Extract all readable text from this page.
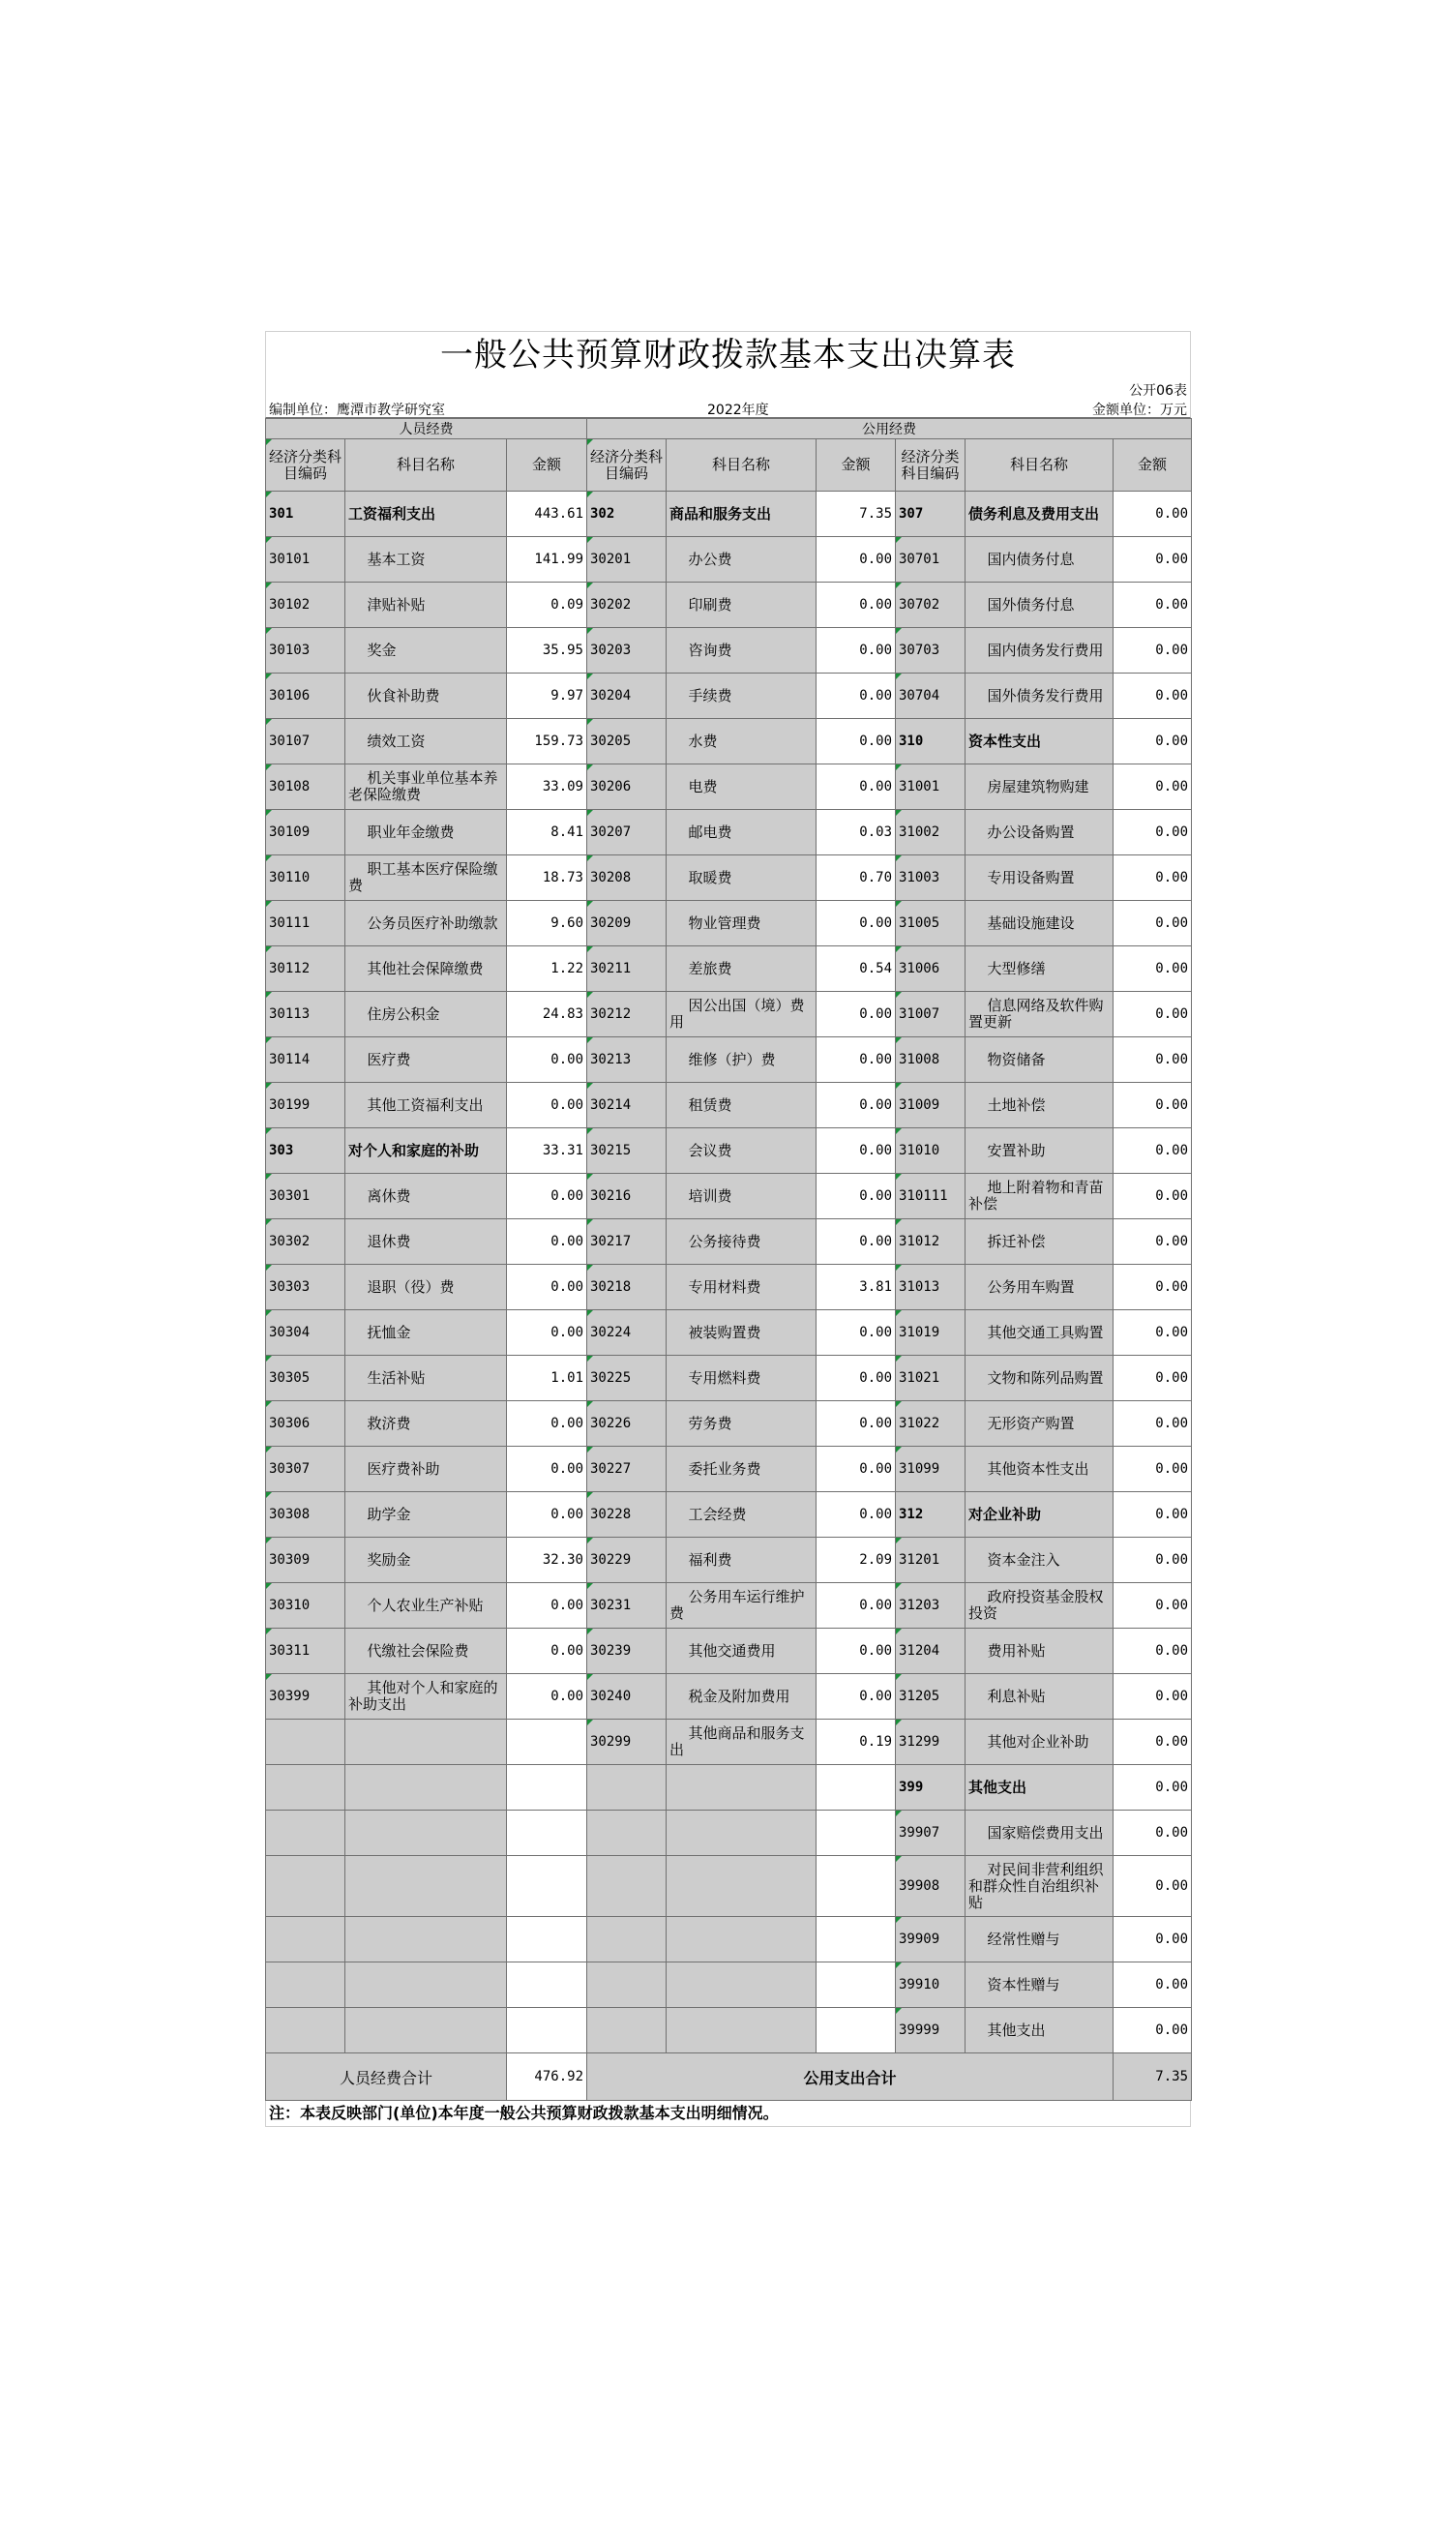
一般公共预算财政拨款基本支出决算表
公开06表
编制单位：鹰潭市教学研究室	2022年度	金额单位：万元
人员经费			公用经费					
经济分类科目编码	科目名称	金额	经济分类科目编码	科目名称	金额	经济分类科目编码	科目名称	金额
301	工资福利支出	443.61	302	商品和服务支出	7.35	307	债务利息及费用支出	0.00
30101	基本工资	141.99	30201	办公费	0.00	30701	国内债务付息	0.00
30102	津贴补贴	0.09	30202	印刷费	0.00	30702	国外债务付息	0.00
30103	奖金	35.95	30203	咨询费	0.00	30703	国内债务发行费用	0.00
30106	伙食补助费	9.97	30204	手续费	0.00	30704	国外债务发行费用	0.00
30107	绩效工资	159.73	30205	水费	0.00	310	资本性支出	0.00
30108	机关事业单位基本养老保险缴费	33.09	30206	电费	0.00	31001	房屋建筑物购建	0.00
30109	职业年金缴费	8.41	30207	邮电费	0.03	31002	办公设备购置	0.00
30110	职工基本医疗保险缴费	18.73	30208	取暖费	0.70	31003	专用设备购置	0.00
30111	公务员医疗补助缴款	9.60	30209	物业管理费	0.00	31005	基础设施建设	0.00
30112	其他社会保障缴费	1.22	30211	差旅费	0.54	31006	大型修缮	0.00
30113	住房公积金	24.83	30212	因公出国（境）费用	0.00	31007	信息网络及软件购置更新	0.00
30114	医疗费	0.00	30213	维修（护）费	0.00	31008	物资储备	0.00
30199	其他工资福利支出	0.00	30214	租赁费	0.00	31009	土地补偿	0.00
303	对个人和家庭的补助	33.31	30215	会议费	0.00	31010	安置补助	0.00
30301	离休费	0.00	30216	培训费	0.00	310111	地上附着物和青苗补偿	0.00
30302	退休费	0.00	30217	公务接待费	0.00	31012	拆迁补偿	0.00
30303	退职（役）费	0.00	30218	专用材料费	3.81	31013	公务用车购置	0.00
30304	抚恤金	0.00	30224	被装购置费	0.00	31019	其他交通工具购置	0.00
30305	生活补贴	1.01	30225	专用燃料费	0.00	31021	文物和陈列品购置	0.00
30306	救济费	0.00	30226	劳务费	0.00	31022	无形资产购置	0.00
30307	医疗费补助	0.00	30227	委托业务费	0.00	31099	其他资本性支出	0.00
30308	助学金	0.00	30228	工会经费	0.00	312	对企业补助	0.00
30309	奖励金	32.30	30229	福利费	2.09	31201	资本金注入	0.00
30310	个人农业生产补贴	0.00	30231	公务用车运行维护费	0.00	31203	政府投资基金股权投资	0.00
30311	代缴社会保险费	0.00	30239	其他交通费用	0.00	31204	费用补贴	0.00
30399	其他对个人和家庭的补助支出	0.00	30240	税金及附加费用	0.00	31205	利息补贴	0.00
			30299	其他商品和服务支出	0.19	31299	其他对企业补助	0.00
						399	其他支出	0.00
						39907	国家赔偿费用支出	0.00
						39908	对民间非营利组织和群众性自治组织补贴	0.00
						39909	经常性赠与	0.00
						39910	资本性赠与	0.00
						39999	其他支出	0.00
人员经费合计		476.92	公用支出合计					7.35
注：本表反映部门(单位)本年度一般公共预算财政拨款基本支出明细情况。
